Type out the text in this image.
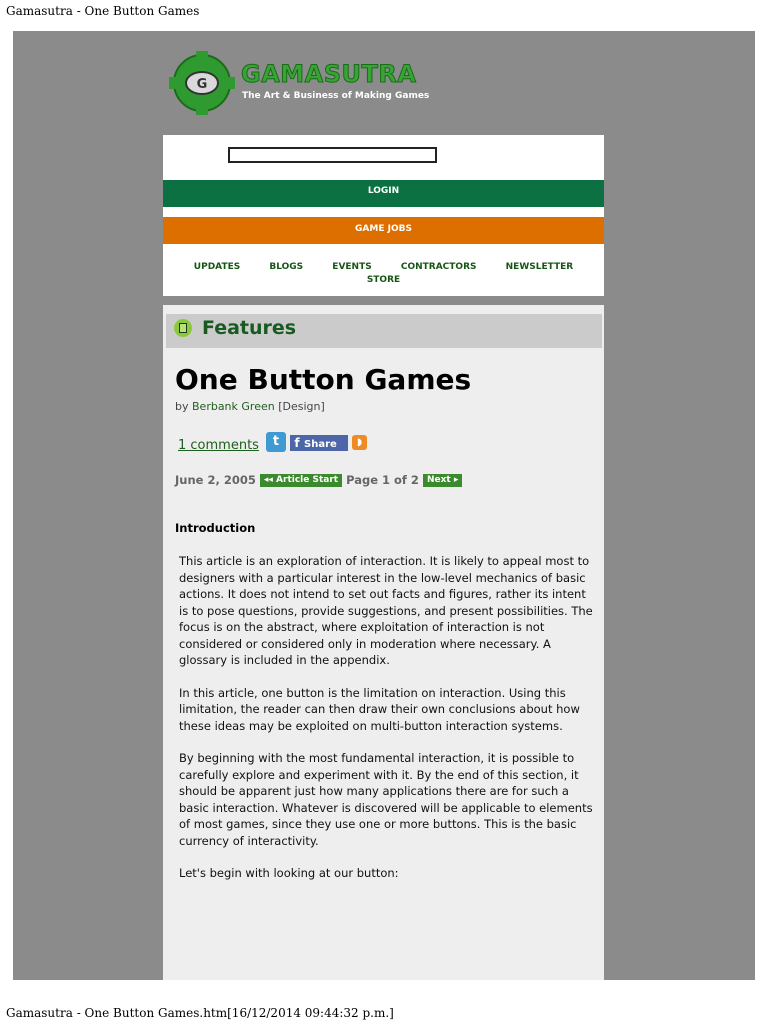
Gamasutra - One Button Games
G GAMASUTRA
The Art & Business of Making Games
LOGIN
GAME JOBS
UPDATES	BLOGS	EVENTS	CONTRACTORS	NEWSLETTER
STORE
Features
One Button Games
by Berbank Green [Design]
1 comments	t	f Share	◗
June 2, 2005 ◂◂ Article Start Page 1 of 2 Next ▸
Introduction

This article is an exploration of interaction. It is likely to appeal most to designers with a particular interest in the low-level mechanics of basic actions. It does not intend to set out facts and figures, rather its intent is to pose questions, provide suggestions, and present possibilities. The focus is on the abstract, where exploitation of interaction is not considered or considered only in moderation where necessary. A glossary is included in the appendix.

In this article, one button is the limitation on interaction. Using this limitation, the reader can then draw their own conclusions about how these ideas may be exploited on multi-button interaction systems.

By beginning with the most fundamental interaction, it is possible to carefully explore and experiment with it. By the end of this section, it should be apparent just how many applications there are for such a basic interaction. Whatever is discovered will be applicable to elements of most games, since they use one or more buttons. This is the basic currency of interactivity.

Let's begin with looking at our button:

Gamasutra - One Button Games.htm[16/12/2014 09:44:32 p.m.]
